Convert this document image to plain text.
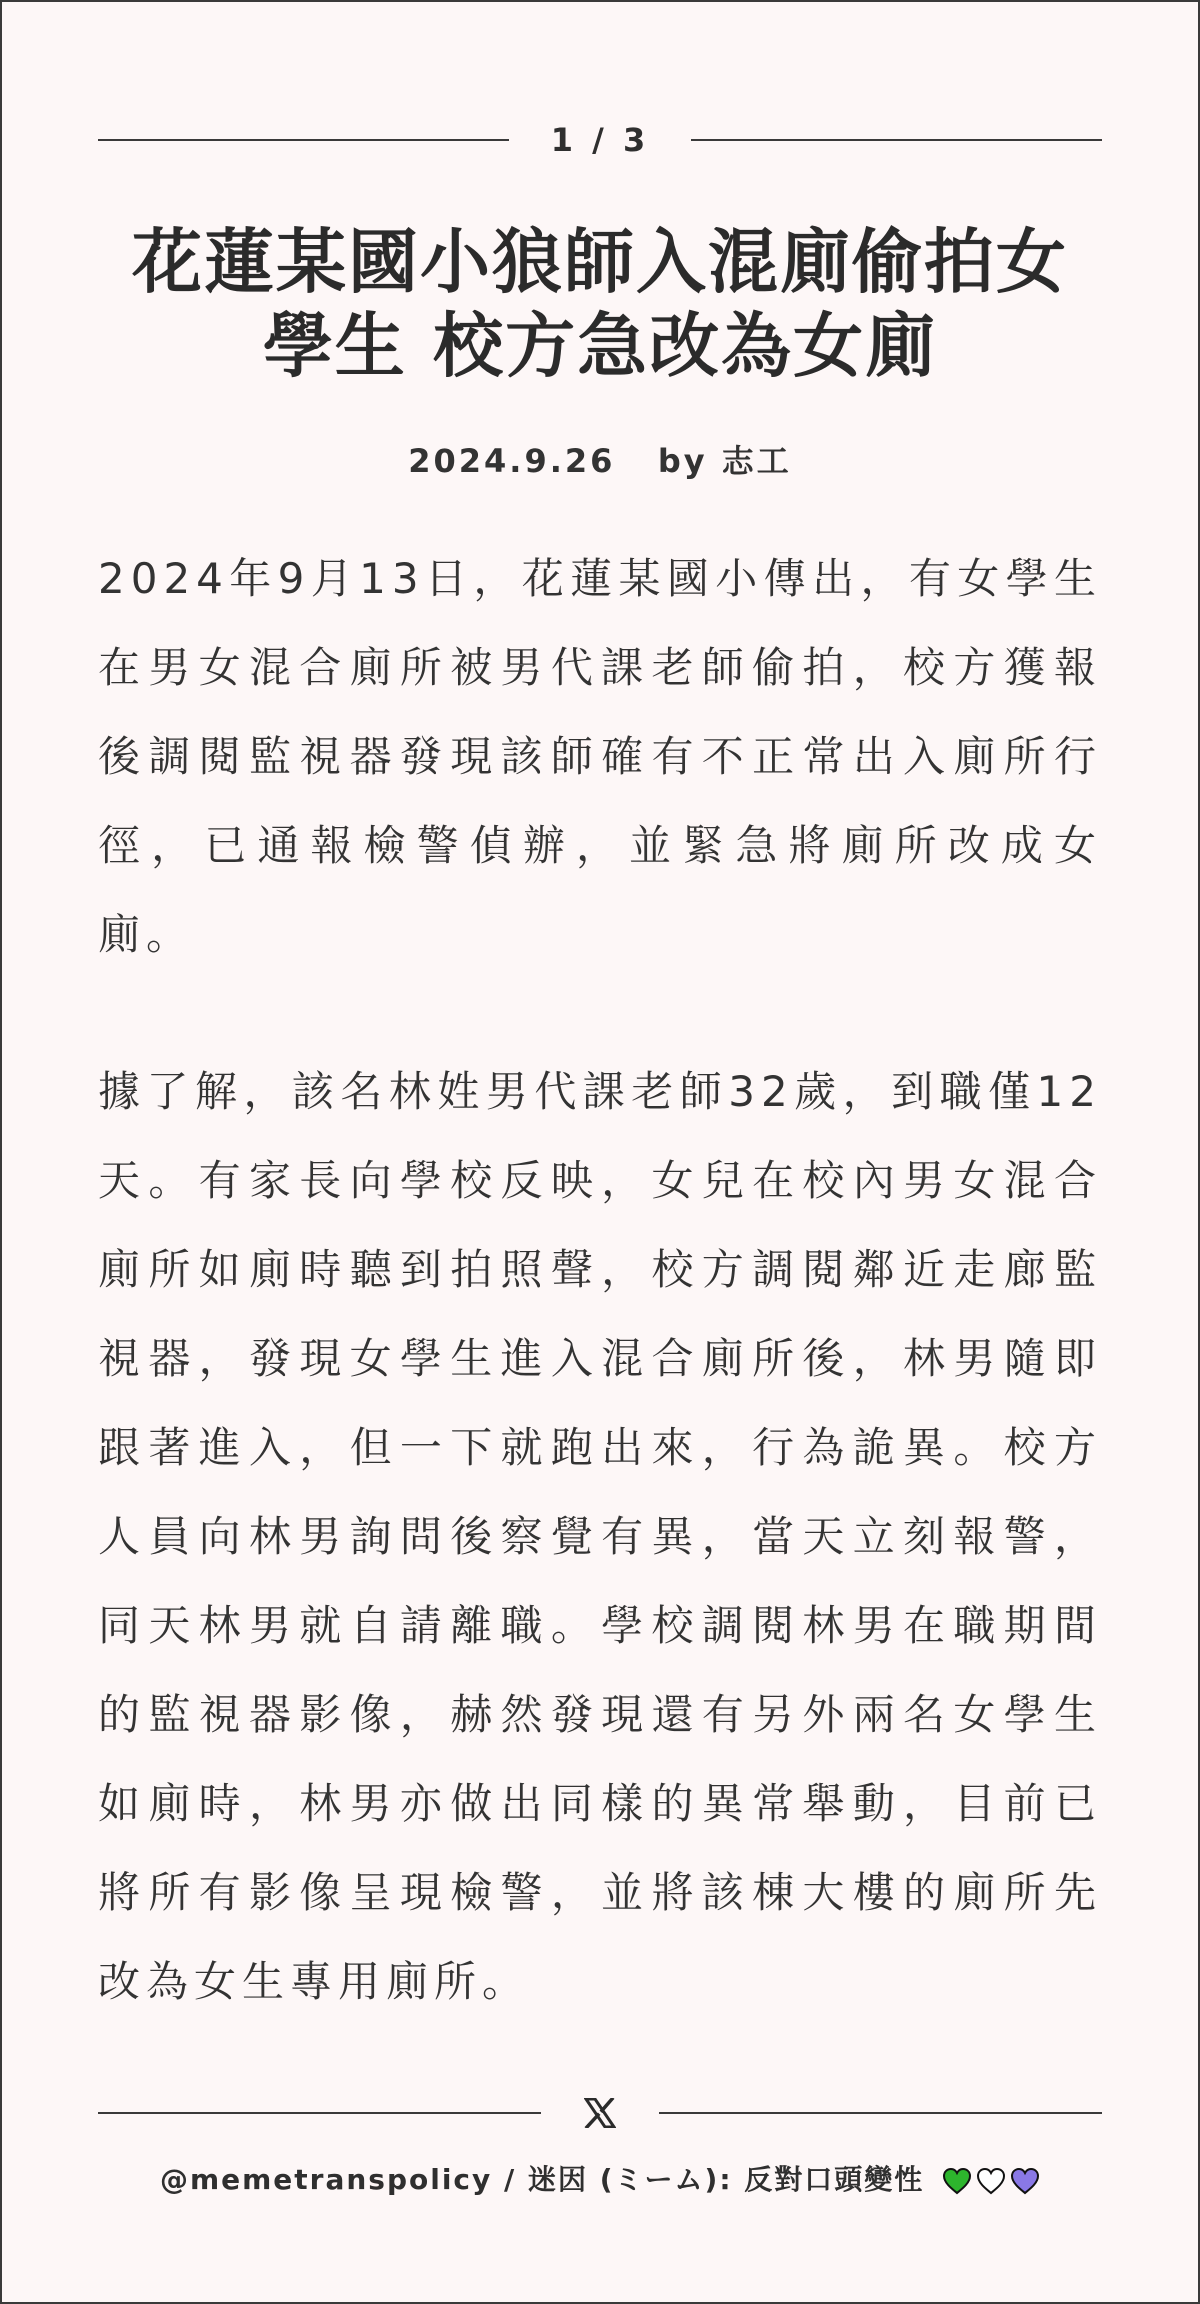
1 / 3
花蓮某國小狼師入混廁偷拍女學生 校方急改為女廁
2024.9.26 by 志工

2024年9月13日，花蓮某國小傳出，有女學生在男女混合廁所被男代課老師偷拍，校方獲報後調閱監視器發現該師確有不正常出入廁所行徑，已通報檢警偵辦，並緊急將廁所改成女廁。

據了解，該名林姓男代課老師32歲，到職僅12天。有家長向學校反映，女兒在校內男女混合廁所如廁時聽到拍照聲，校方調閱鄰近走廊監視器，發現女學生進入混合廁所後，林男隨即跟著進入，但一下就跑出來，行為詭異。校方人員向林男詢問後察覺有異，當天立刻報警，同天林男就自請離職。學校調閱林男在職期間的監視器影像，赫然發現還有另外兩名女學生如廁時，林男亦做出同樣的異常舉動，目前已將所有影像呈現檢警，並將該棟大樓的廁所先改為女生專用廁所。

@memetranspolicy / 迷因 (ミーム): 反對口頭變性
